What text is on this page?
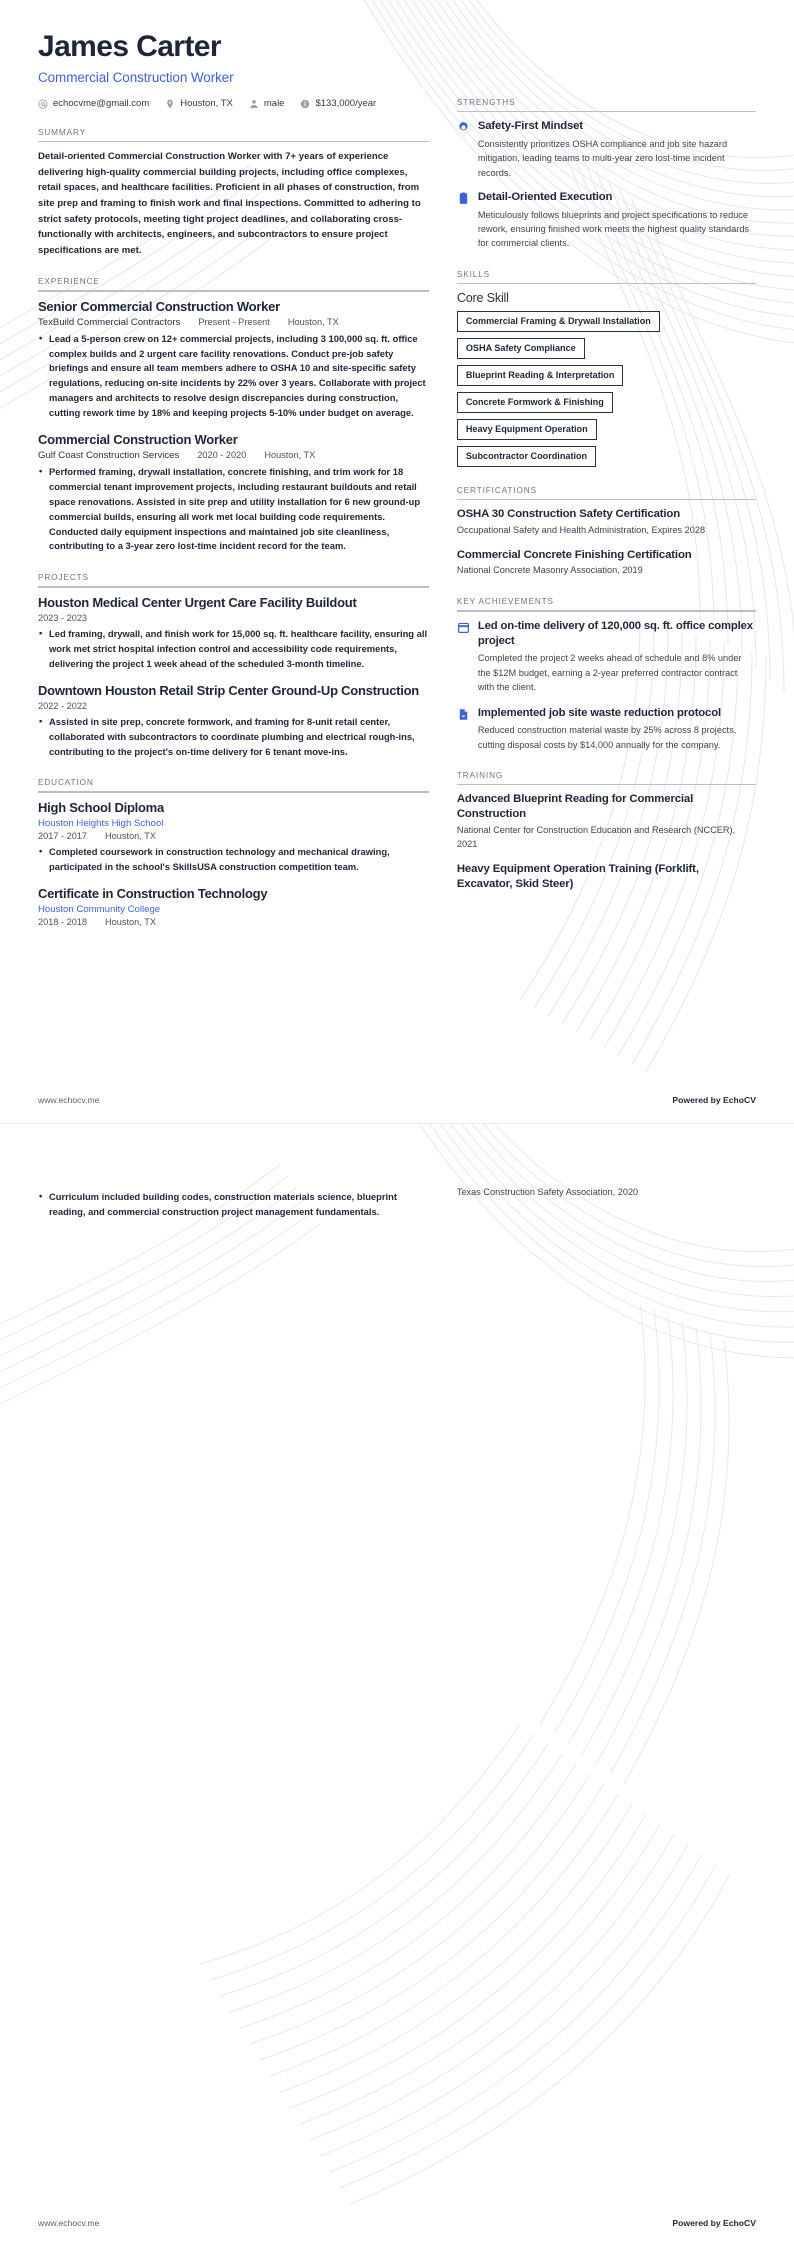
James Carter
Commercial Construction Worker
echocvme@gmail.com	Houston, TX	male	$133,000/year
SUMMARY
Detail-oriented Commercial Construction Worker with 7+ years of experience delivering high-quality commercial building projects, including office complexes, retail spaces, and healthcare facilities. Proficient in all phases of construction, from site prep and framing to finish work and final inspections. Committed to adhering to strict safety protocols, meeting tight project deadlines, and collaborating cross-functionally with architects, engineers, and subcontractors to ensure project specifications are met.
EXPERIENCE
Senior Commercial Construction Worker
TexBuild Commercial Contractors Present - Present Houston, TX
• Lead a 5-person crew on 12+ commercial projects, including 3 100,000 sq. ft. office complex builds and 2 urgent care facility renovations. Conduct pre-job safety briefings and ensure all team members adhere to OSHA 10 and site-specific safety regulations, reducing on-site incidents by 22% over 3 years. Collaborate with project managers and architects to resolve design discrepancies during construction, cutting rework time by 18% and keeping projects 5-10% under budget on average.
Commercial Construction Worker
Gulf Coast Construction Services 2020 - 2020 Houston, TX
• Performed framing, drywall installation, concrete finishing, and trim work for 18 commercial tenant improvement projects, including restaurant buildouts and retail space renovations. Assisted in site prep and utility installation for 6 new ground-up commercial builds, ensuring all work met local building code requirements. Conducted daily equipment inspections and maintained job site cleanliness, contributing to a 3-year zero lost-time incident record for the team.
PROJECTS
Houston Medical Center Urgent Care Facility Buildout
2023 - 2023
• Led framing, drywall, and finish work for 15,000 sq. ft. healthcare facility, ensuring all work met strict hospital infection control and accessibility code requirements, delivering the project 1 week ahead of the scheduled 3-month timeline.
Downtown Houston Retail Strip Center Ground-Up Construction
2022 - 2022
• Assisted in site prep, concrete formwork, and framing for 8-unit retail center, collaborated with subcontractors to coordinate plumbing and electrical rough-ins, contributing to the project's on-time delivery for 6 tenant move-ins.
EDUCATION
High School Diploma
Houston Heights High School
2017 - 2017 Houston, TX
• Completed coursework in construction technology and mechanical drawing, participated in the school's SkillsUSA construction competition team.
Certificate in Construction Technology
Houston Community College
2018 - 2018 Houston, TX
STRENGTHS
Safety-First Mindset
Consistently prioritizes OSHA compliance and job site hazard mitigation, leading teams to multi-year zero lost-time incident records.
Detail-Oriented Execution
Meticulously follows blueprints and project specifications to reduce rework, ensuring finished work meets the highest quality standards for commercial clients.
SKILLS
Core Skill
Commercial Framing & Drywall Installation
OSHA Safety Compliance
Blueprint Reading & Interpretation
Concrete Formwork & Finishing
Heavy Equipment Operation
Subcontractor Coordination
CERTIFICATIONS
OSHA 30 Construction Safety Certification
Occupational Safety and Health Administration, Expires 2028
Commercial Concrete Finishing Certification
National Concrete Masonry Association, 2019
KEY ACHIEVEMENTS
Led on-time delivery of 120,000 sq. ft. office complex project
Completed the project 2 weeks ahead of schedule and 8% under the $12M budget, earning a 2-year preferred contractor contract with the client.
Implemented job site waste reduction protocol
Reduced construction material waste by 25% across 8 projects, cutting disposal costs by $14,000 annually for the company.
TRAINING
Advanced Blueprint Reading for Commercial Construction
National Center for Construction Education and Research (NCCER), 2021
Heavy Equipment Operation Training (Forklift, Excavator, Skid Steer)
www.echocv.me	Powered by EchoCV
• Curriculum included building codes, construction materials science, blueprint reading, and commercial construction project management fundamentals.
Texas Construction Safety Association, 2020
www.echocv.me	Powered by EchoCV
